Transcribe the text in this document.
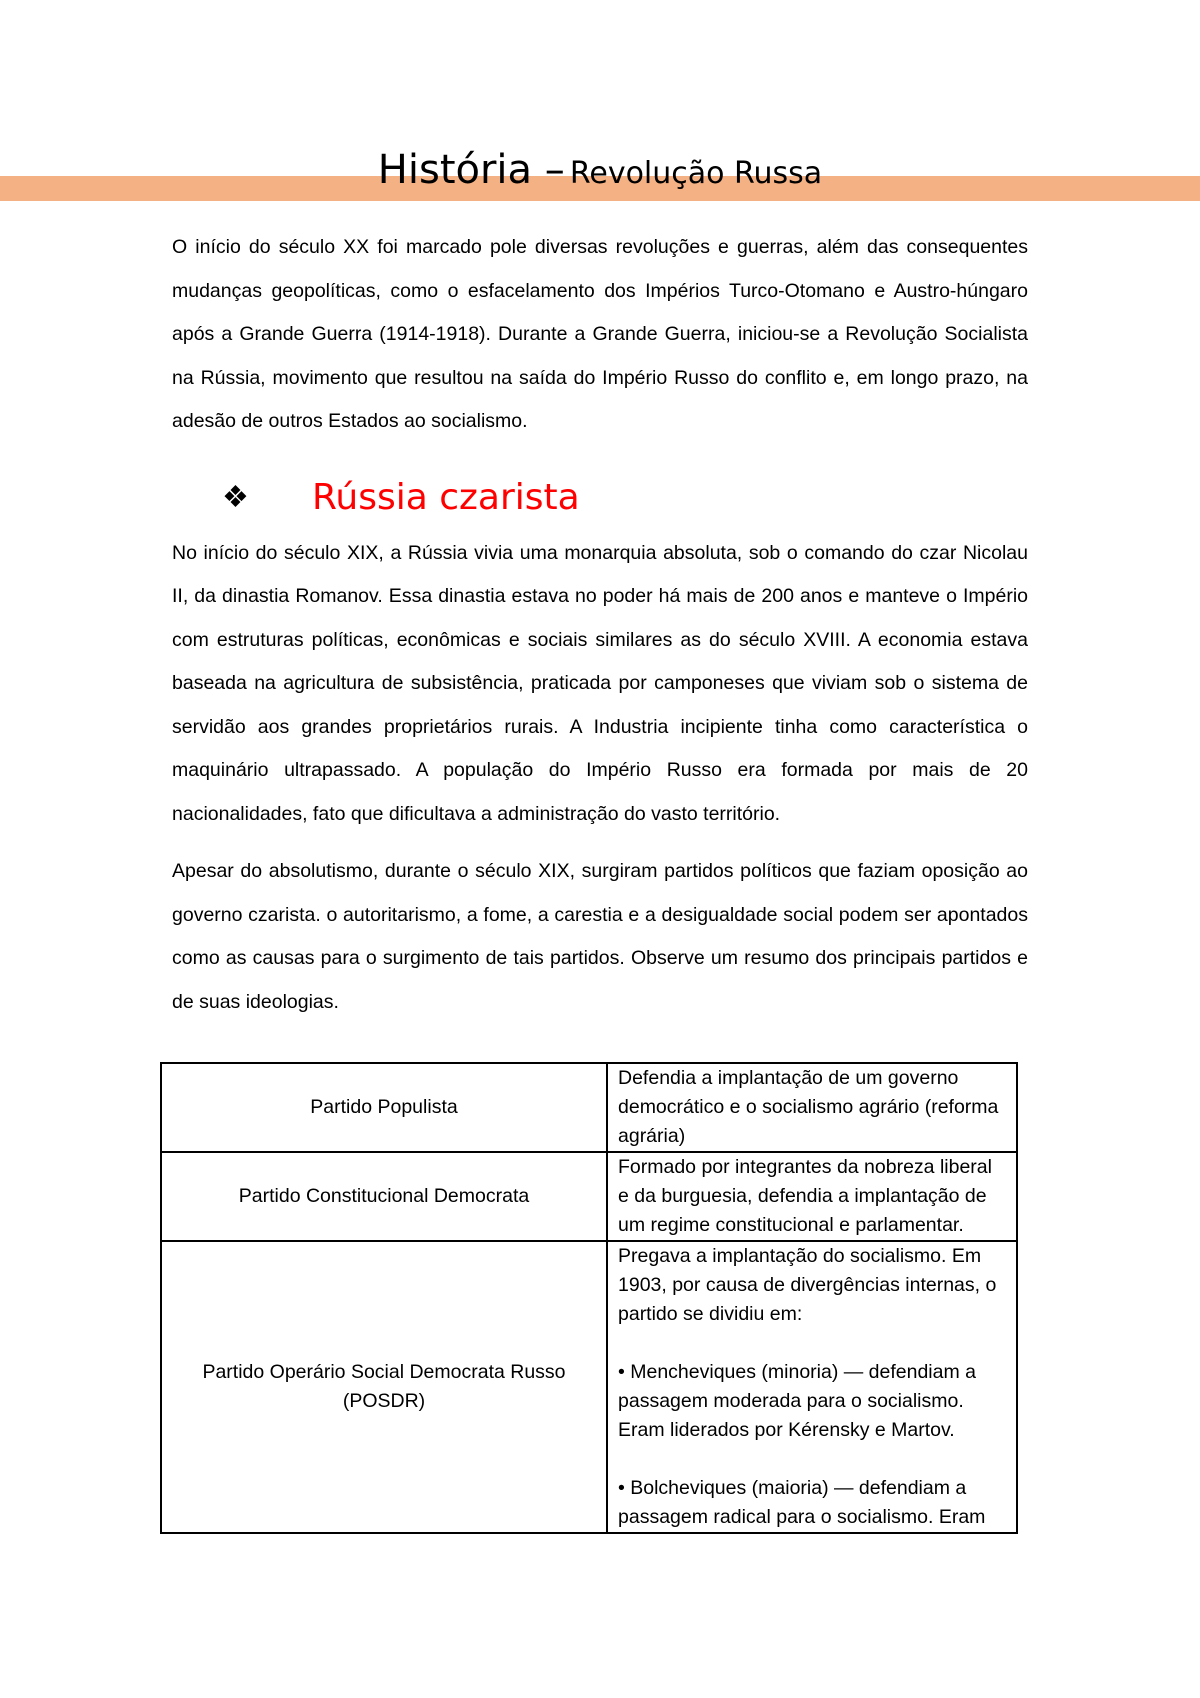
História – Revolução Russa

O início do século XX foi marcado pole diversas revoluções e guerras, além das consequentes mudanças geopolíticas, como o esfacelamento dos Impérios Turco-Otomano e Austro-húngaro após a Grande Guerra (1914-1918). Durante a Grande Guerra, iniciou-se a Revolução Socialista na Rússia, movimento que resultou na saída do Império Russo do conflito e, em longo prazo, na adesão de outros Estados ao socialismo.

❖	Rússia czarista

No início do século XIX, a Rússia vivia uma monarquia absoluta, sob o comando do czar Nicolau II, da dinastia Romanov. Essa dinastia estava no poder há mais de 200 anos e manteve o Império com estruturas políticas, econômicas e sociais similares as do século XVIII. A economia estava baseada na agricultura de subsistência, praticada por camponeses que viviam sob o sistema de servidão aos grandes proprietários rurais. A Industria incipiente tinha como característica o maquinário ultrapassado. A população do Império Russo era formada por mais de 20 nacionalidades, fato que dificultava a administração do vasto território.

Apesar do absolutismo, durante o século XIX, surgiram partidos políticos que faziam oposição ao governo czarista. o autoritarismo, a fome, a carestia e a desigualdade social podem ser apontados como as causas para o surgimento de tais partidos. Observe um resumo dos principais partidos e de suas ideologias.

Partido Populista	Defendia a implantação de um governo democrático e o socialismo agrário (reforma agrária)
Partido Constitucional Democrata	Formado por integrantes da nobreza liberal e da burguesia, defendia a implantação de um regime constitucional e parlamentar.
Partido Operário Social Democrata Russo (POSDR)	Pregava a implantação do socialismo. Em 1903, por causa de divergências internas, o partido se dividiu em:
• Mencheviques (minoria) — defendiam a passagem moderada para o socialismo. Eram liderados por Kérensky e Martov.
• Bolcheviques (maioria) — defendiam a passagem radical para o socialismo. Eram
